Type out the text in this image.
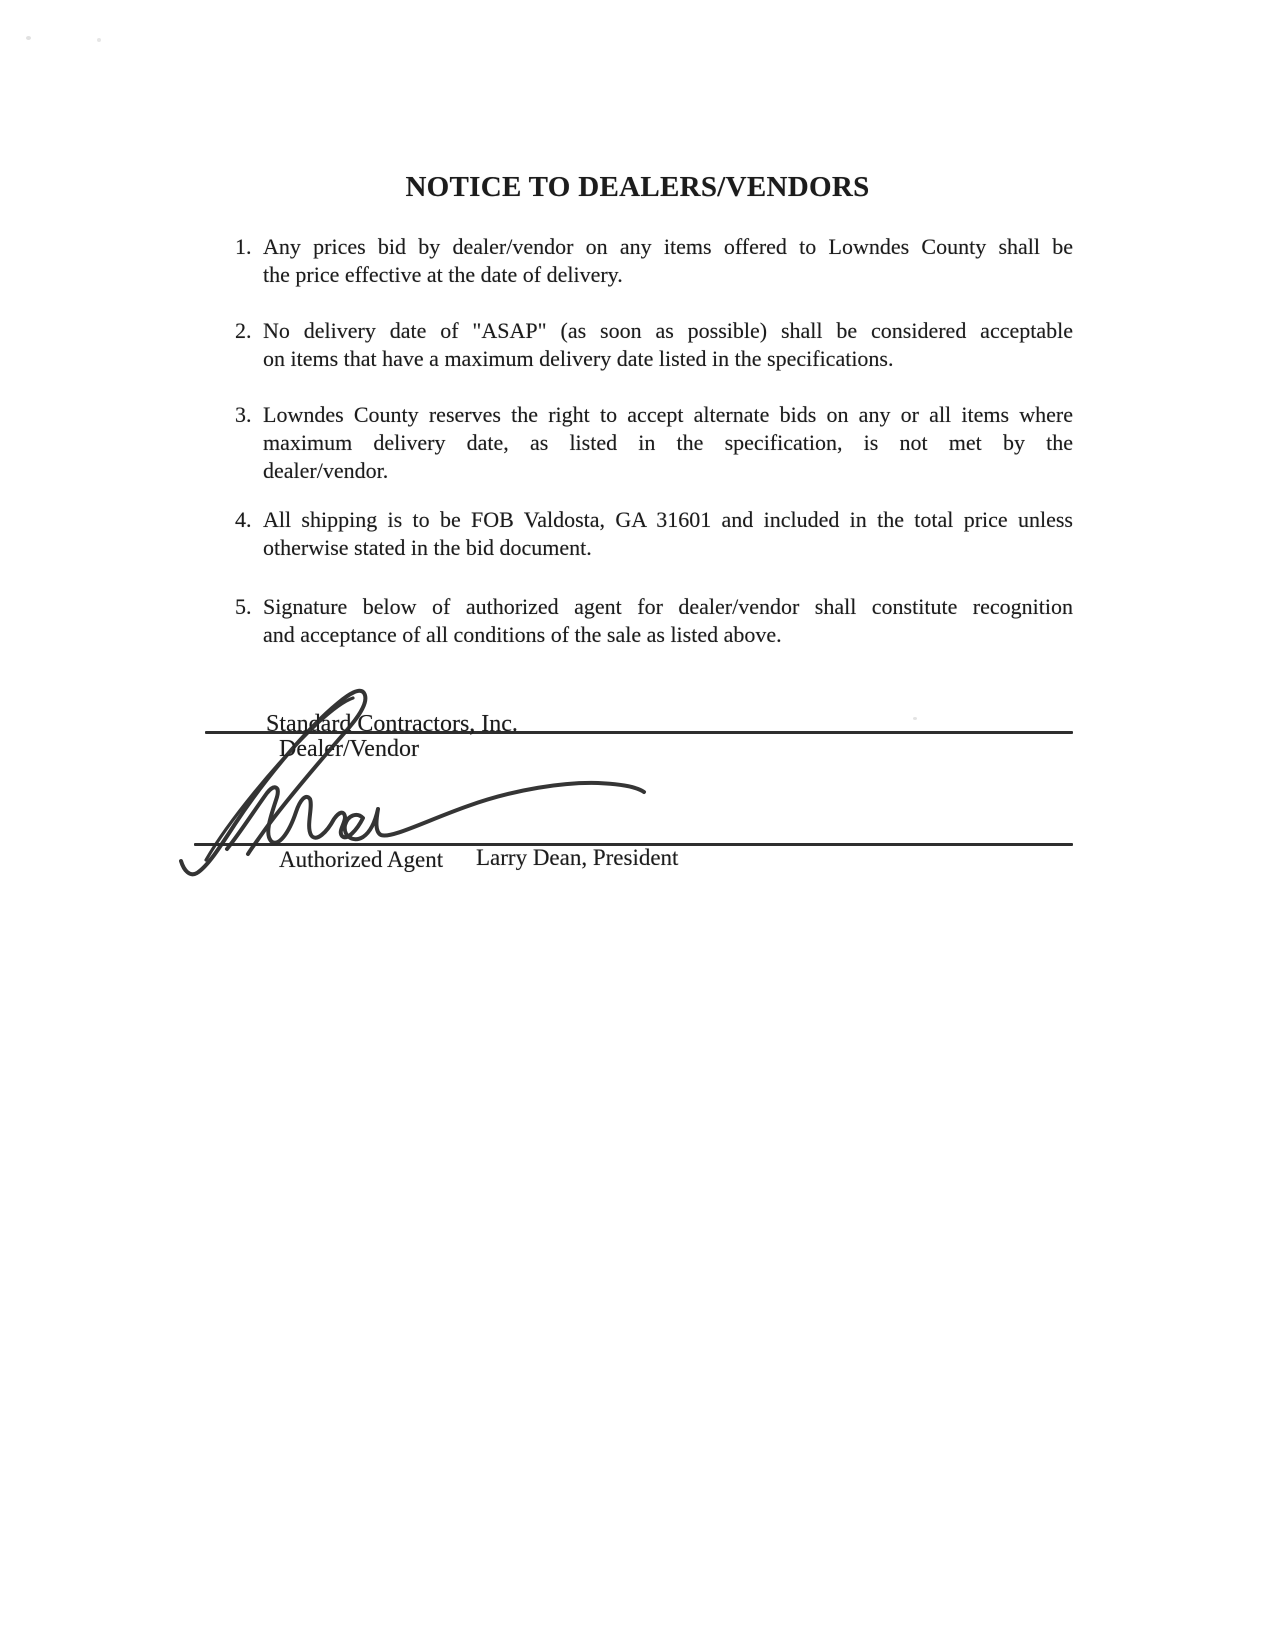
NOTICE TO DEALERS/VENDORS
1. Any prices bid by dealer/vendor on any items offered to Lowndes County shall be
the price effective at the date of delivery.
2. No delivery date of "ASAP" (as soon as possible) shall be considered acceptable
on items that have a maximum delivery date listed in the specifications.
3. Lowndes County reserves the right to accept alternate bids on any or all items where
maximum delivery date, as listed in the specification, is not met by the
dealer/vendor.
4. All shipping is to be FOB Valdosta, GA 31601 and included in the total price unless
otherwise stated in the bid document.
5. Signature below of authorized agent for dealer/vendor shall constitute recognition
and acceptance of all conditions of the sale as listed above.
Standard Contractors, Inc.
Dealer/Vendor
Authorized Agent Larry Dean, President
